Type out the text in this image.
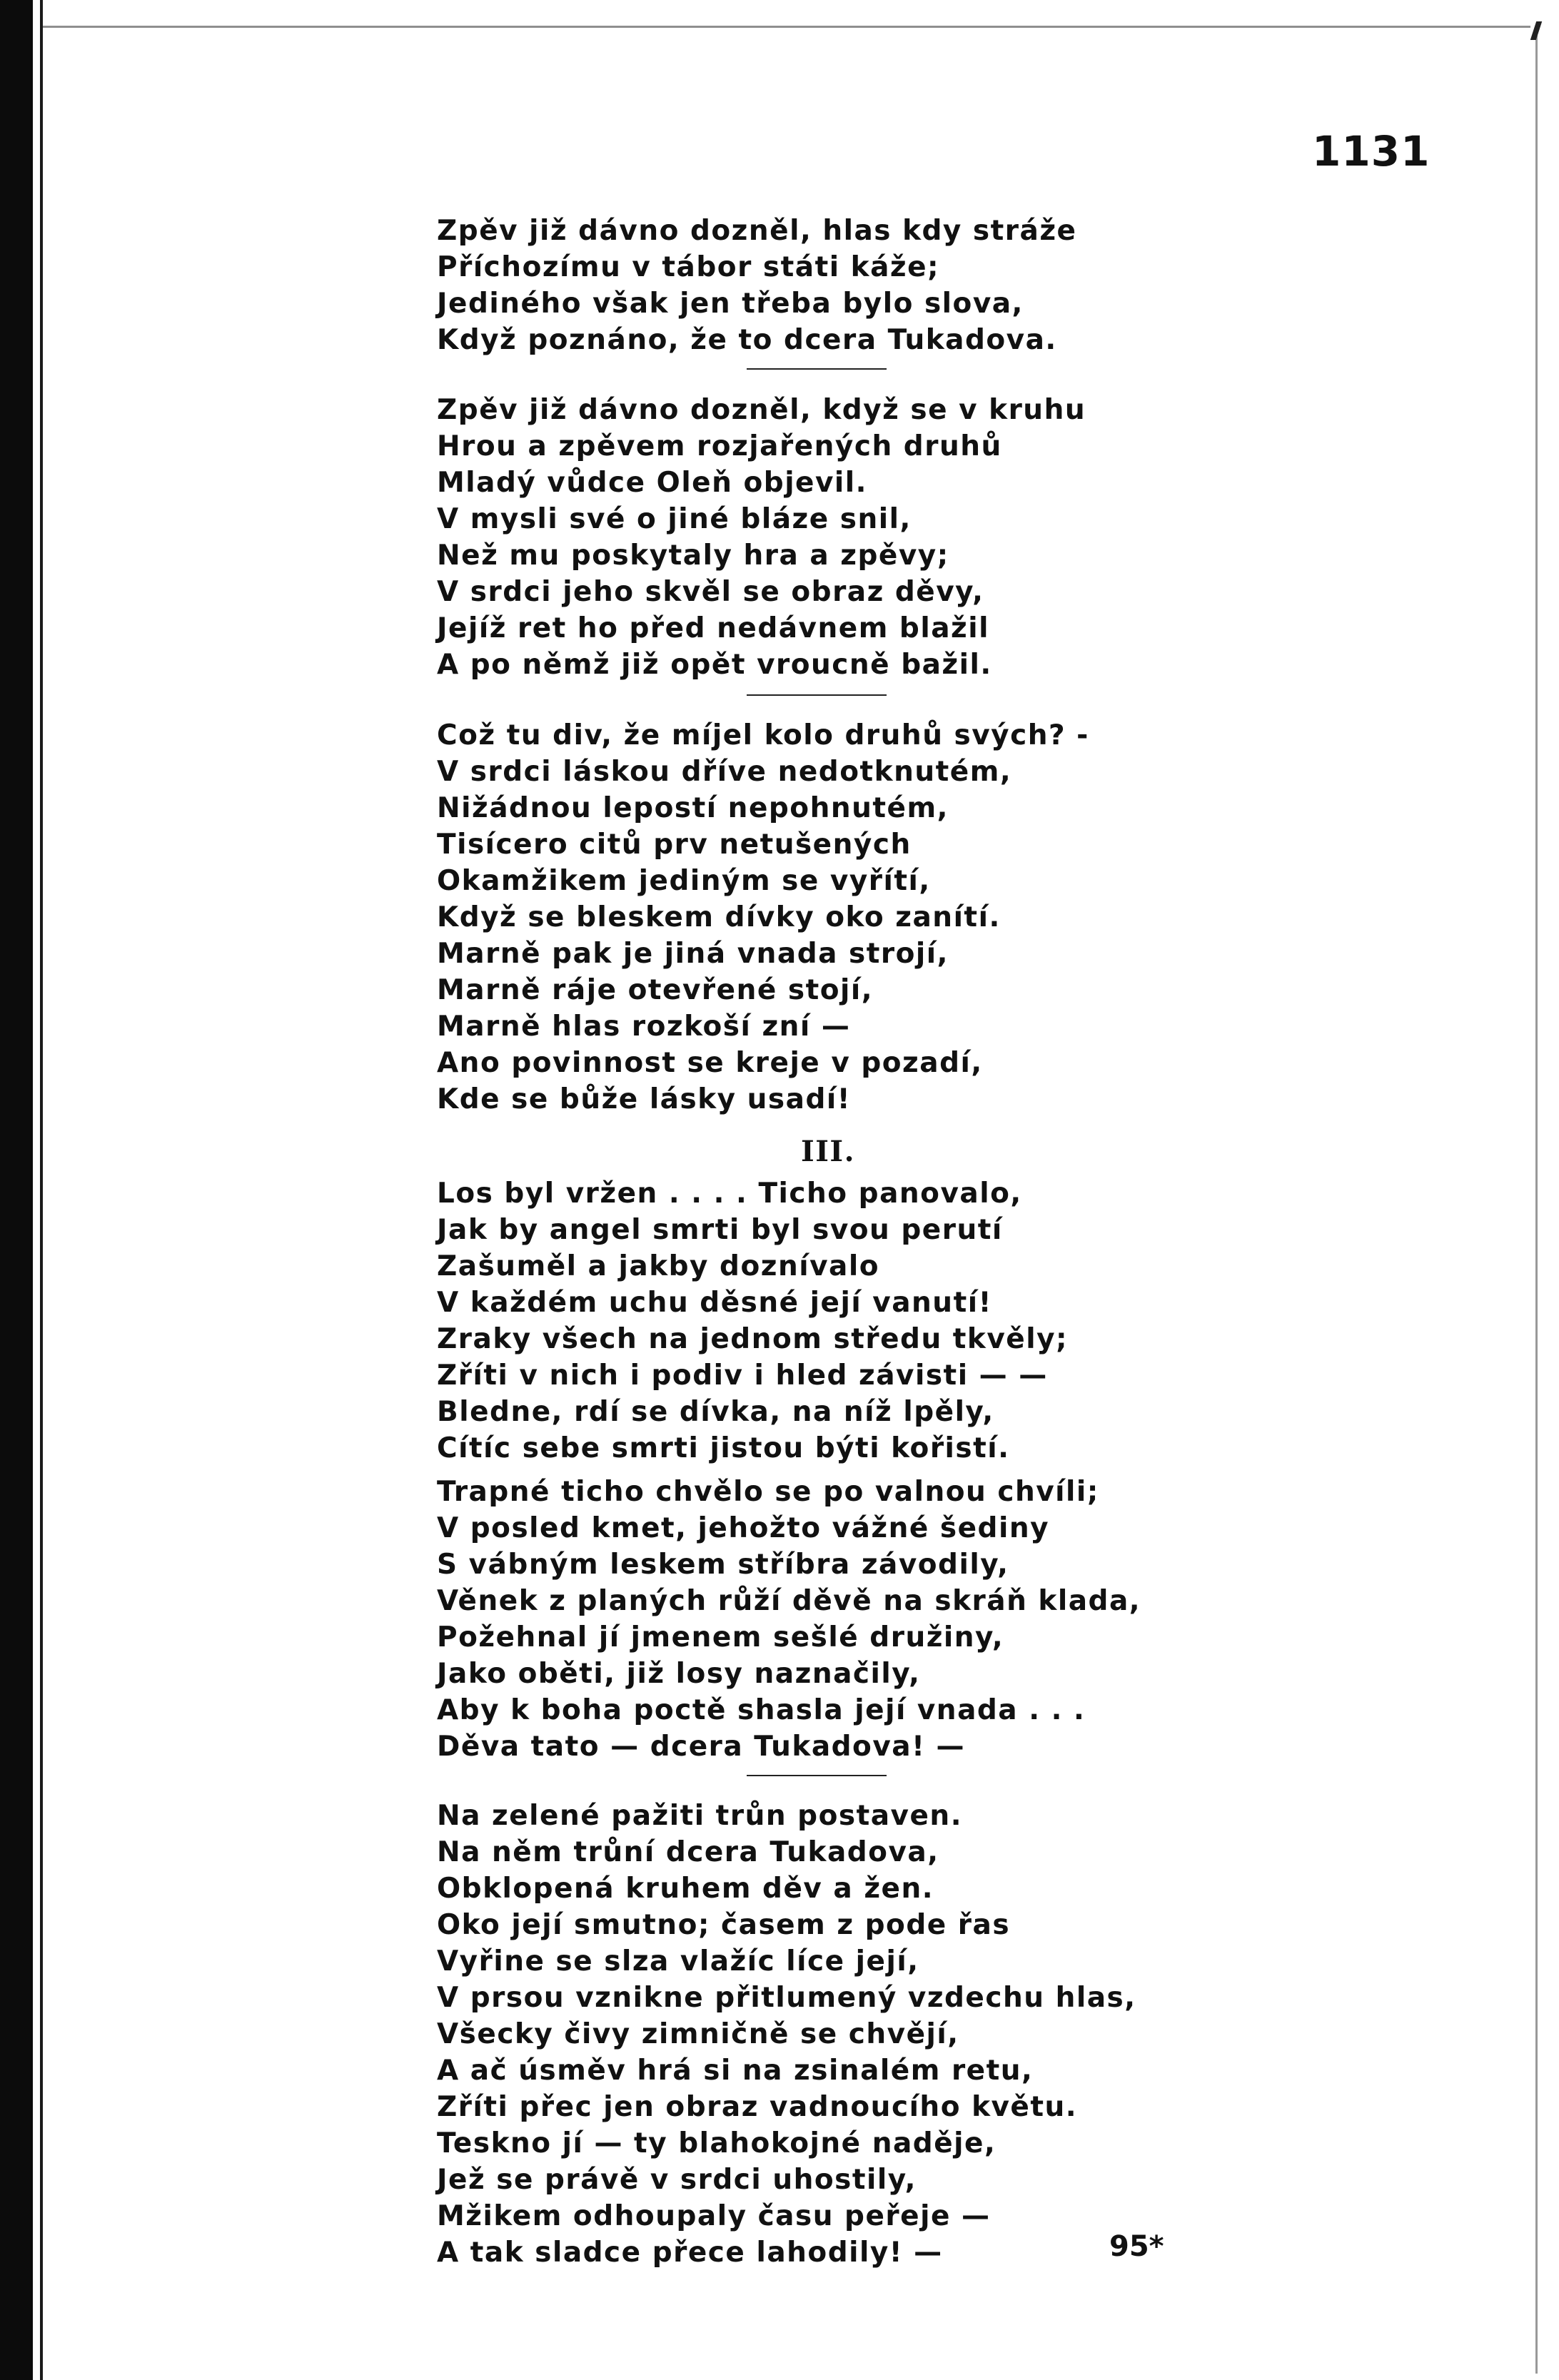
1131
Zpěv již dávno dozněl, hlas kdy stráže
Příchozímu v tábor státi káže;
Jediného však jen třeba bylo slova,
Když poznáno, že to dcera Tukadova.
Zpěv již dávno dozněl, když se v kruhu
Hrou a zpěvem rozjařených druhů
Mladý vůdce Oleň objevil.
V mysli své o jiné bláze snil,
Než mu poskytaly hra a zpěvy;
V srdci jeho skvěl se obraz děvy,
Jejíž ret ho před nedávnem blažil
A po němž již opět vroucně bažil.
Což tu div, že míjel kolo druhů svých? -
V srdci láskou dříve nedotknutém,
Nižádnou lepostí nepohnutém,
Tisícero citů prv netušených
Okamžikem jediným se vyřítí,
Když se bleskem dívky oko zanítí.
Marně pak je jiná vnada strojí,
Marně ráje otevřené stojí,
Marně hlas rozkoší zní —
Ano povinnost se kreje v pozadí,
Kde se bůže lásky usadí!
III.
Los byl vržen . . . . Ticho panovalo,
Jak by angel smrti byl svou perutí
Zašuměl a jakby doznívalo
V každém uchu děsné její vanutí!
Zraky všech na jednom středu tkvěly;
Zříti v nich i podiv i hled závisti — —
Bledne, rdí se dívka, na níž lpěly,
Cítíc sebe smrti jistou býti kořistí.
Trapné ticho chvělo se po valnou chvíli;
V posled kmet, jehožto vážné šediny
S vábným leskem stříbra závodily,
Věnek z planých růží děvě na skráň klada,
Požehnal jí jmenem sešlé družiny,
Jako oběti, již losy naznačily,
Aby k boha poctě shasla její vnada . . .
Děva tato — dcera Tukadova! —
Na zelené pažiti trůn postaven.
Na něm trůní dcera Tukadova,
Obklopená kruhem děv a žen.
Oko její smutno; časem z pode řas
Vyřine se slza vlažíc líce její,
V prsou vznikne přitlumený vzdechu hlas,
Všecky čivy zimničně se chvějí,
A ač úsměv hrá si na zsinalém retu,
Zříti přec jen obraz vadnoucího květu.
Teskno jí — ty blahokojné naděje,
Jež se právě v srdci uhostily,
Mžikem odhoupaly času peřeje —
A tak sladce přece lahodily! —	95*
